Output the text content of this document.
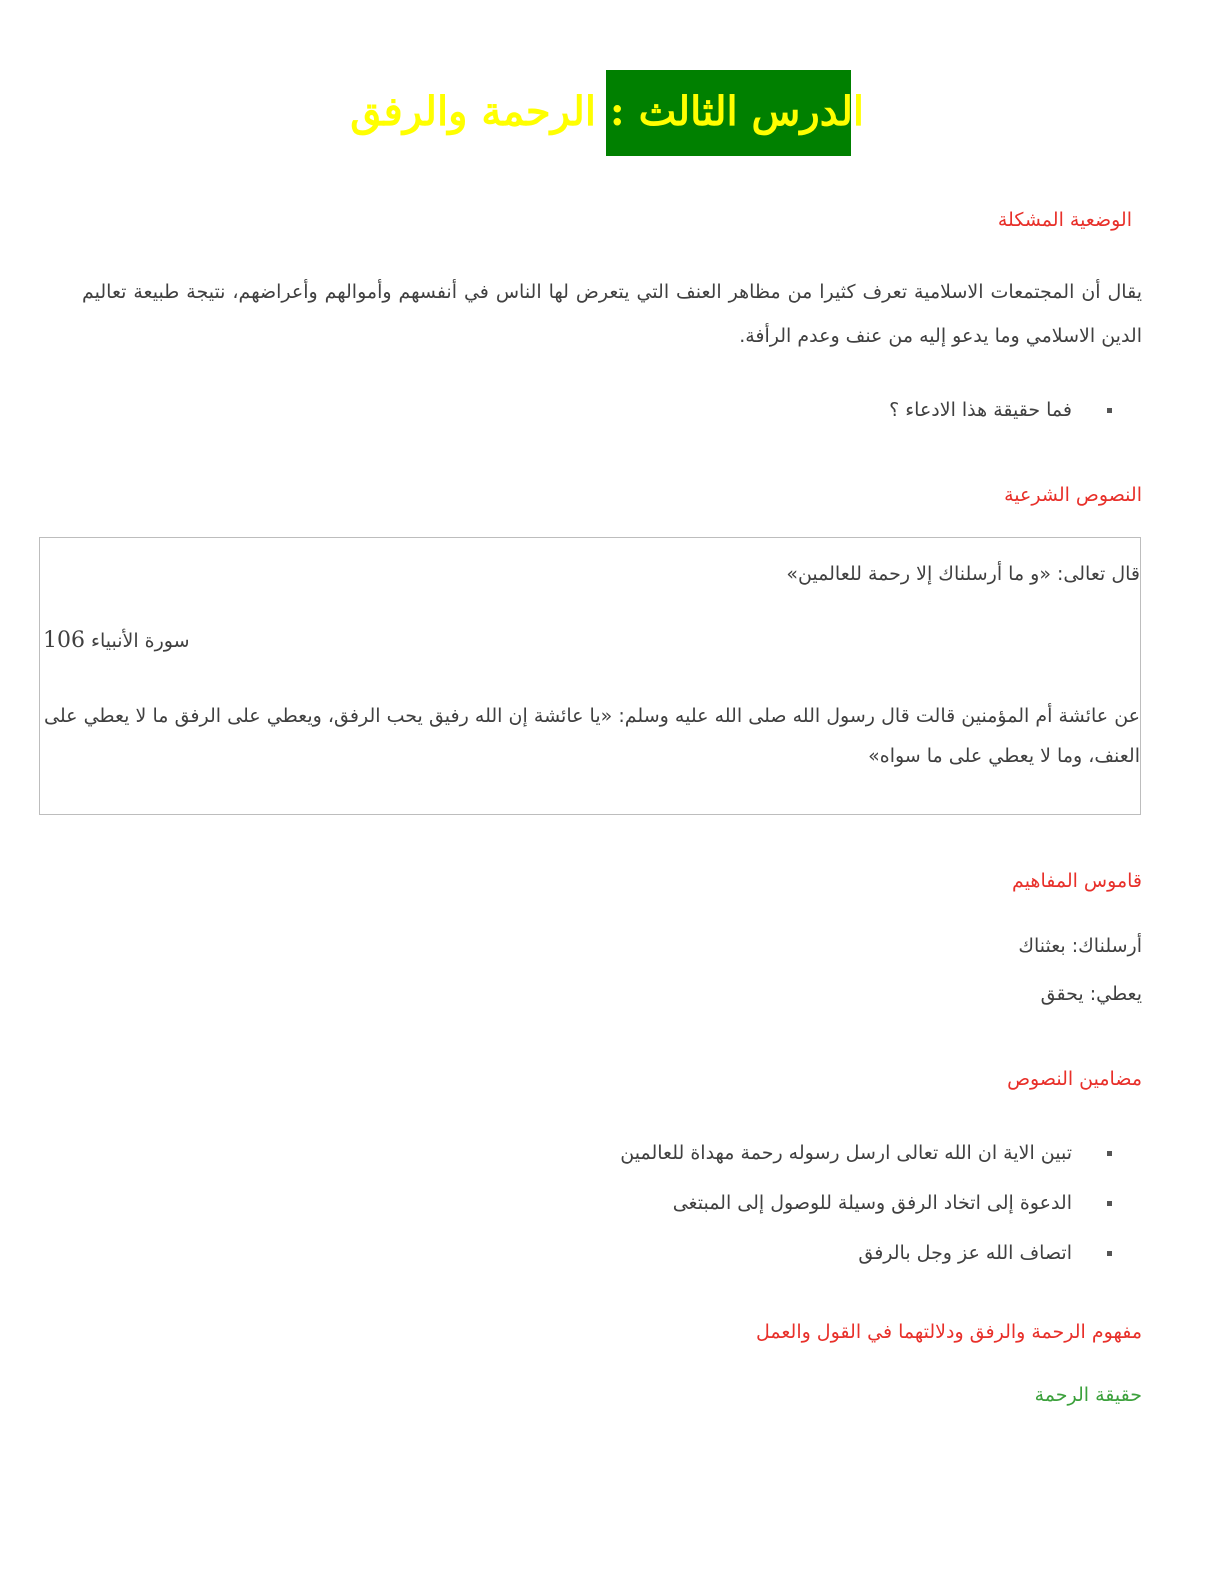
الدرس الثالث : الرحمة والرفق
الوضعية المشكلة
يقال أن المجتمعات الاسلامية تعرف كثيرا من مظاهر العنف التي يتعرض لها الناس في أنفسهم وأموالهم وأعراضهم، نتيجة طبيعة تعاليم الدين الاسلامي وما يدعو إليه من عنف وعدم الرأفة.
فما حقيقة هذا الادعاء ؟
النصوص الشرعية
قال تعالى: «و ما أرسلناك إلا رحمة للعالمين»
سورة الأنبياء 106
عن عائشة أم المؤمنين قالت قال رسول الله صلى الله عليه وسلم: «يا عائشة إن الله رفيق يحب الرفق، ويعطي على الرفق ما لا يعطي على العنف، وما لا يعطي على ما سواه»
قاموس المفاهيم
أرسلناك: بعثناك
يعطي: يحقق
مضامين النصوص
تبين الاية ان الله تعالى ارسل رسوله رحمة مهداة للعالمين
الدعوة إلى اتخاد الرفق وسيلة للوصول إلى المبتغى
اتصاف الله عز وجل بالرفق
مفهوم الرحمة والرفق ودلالتهما في القول والعمل
حقيقة الرحمة
